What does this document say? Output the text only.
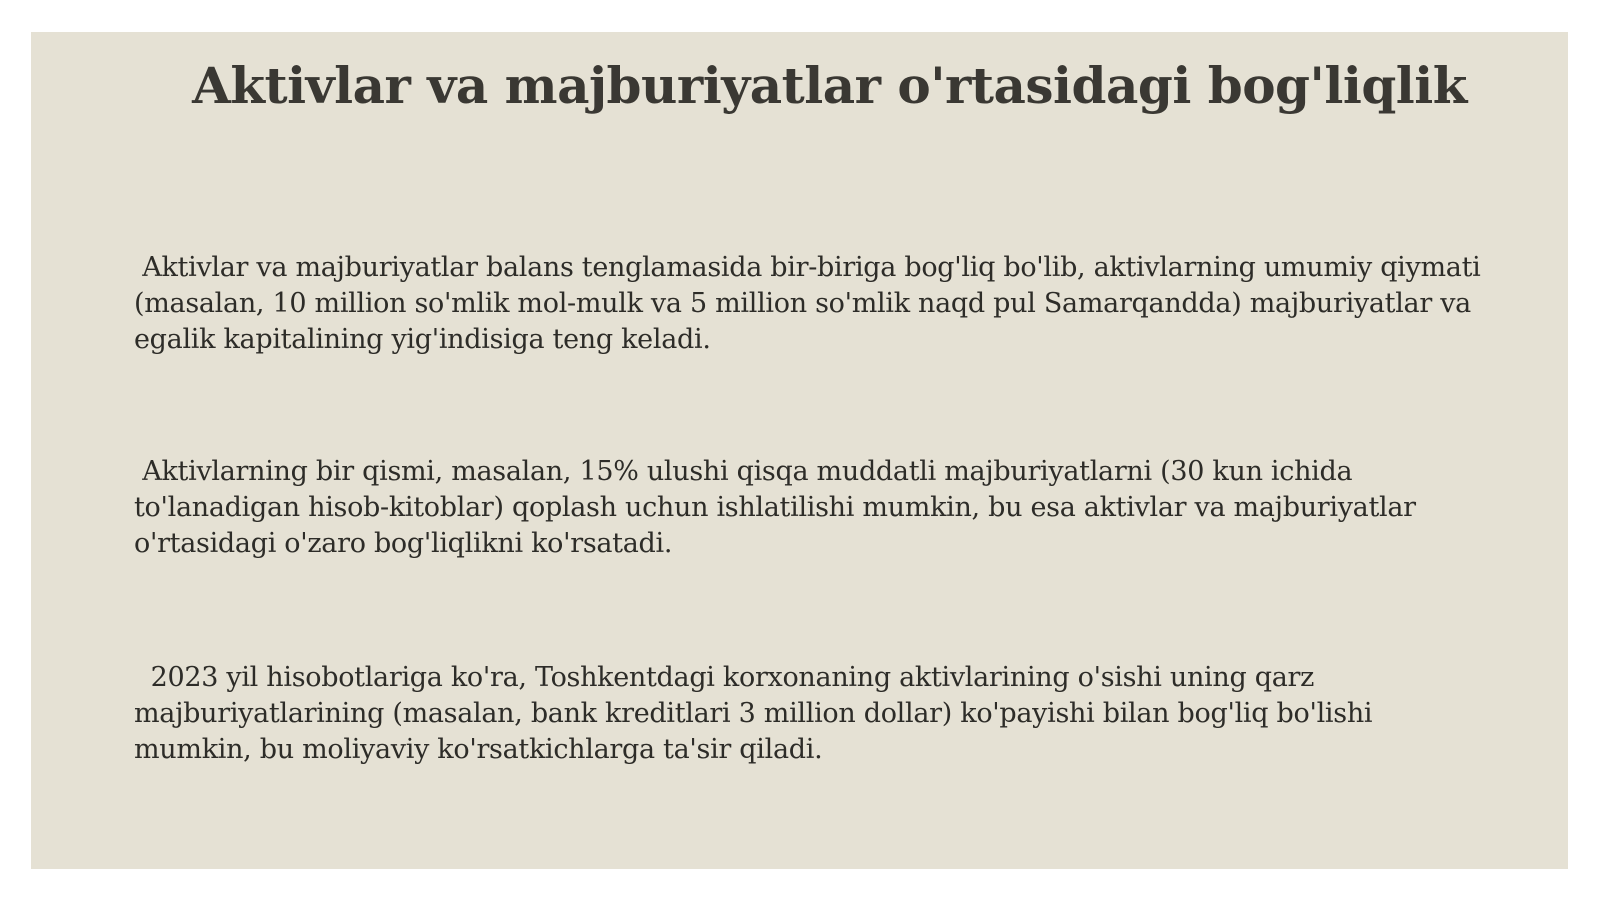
Aktivlar va majburiyatlar o'rtasidagi bog'liqlik

Aktivlar va majburiyatlar balans tenglamasida bir-biriga bog'liq bo'lib, aktivlarning umumiy qiymati (masalan, 10 million so'mlik mol-mulk va 5 million so'mlik naqd pul Samarqandda) majburiyatlar va egalik kapitalining yig'indisiga teng keladi.

Aktivlarning bir qismi, masalan, 15% ulushi qisqa muddatli majburiyatlarni (30 kun ichida to'lanadigan hisob-kitoblar) qoplash uchun ishlatilishi mumkin, bu esa aktivlar va majburiyatlar o'rtasidagi o'zaro bog'liqlikni ko'rsatadi.

2023 yil hisobotlariga ko'ra, Toshkentdagi korxonaning aktivlarining o'sishi uning qarz majburiyatlarining (masalan, bank kreditlari 3 million dollar) ko'payishi bilan bog'liq bo'lishi mumkin, bu moliyaviy ko'rsatkichlarga ta'sir qiladi.
